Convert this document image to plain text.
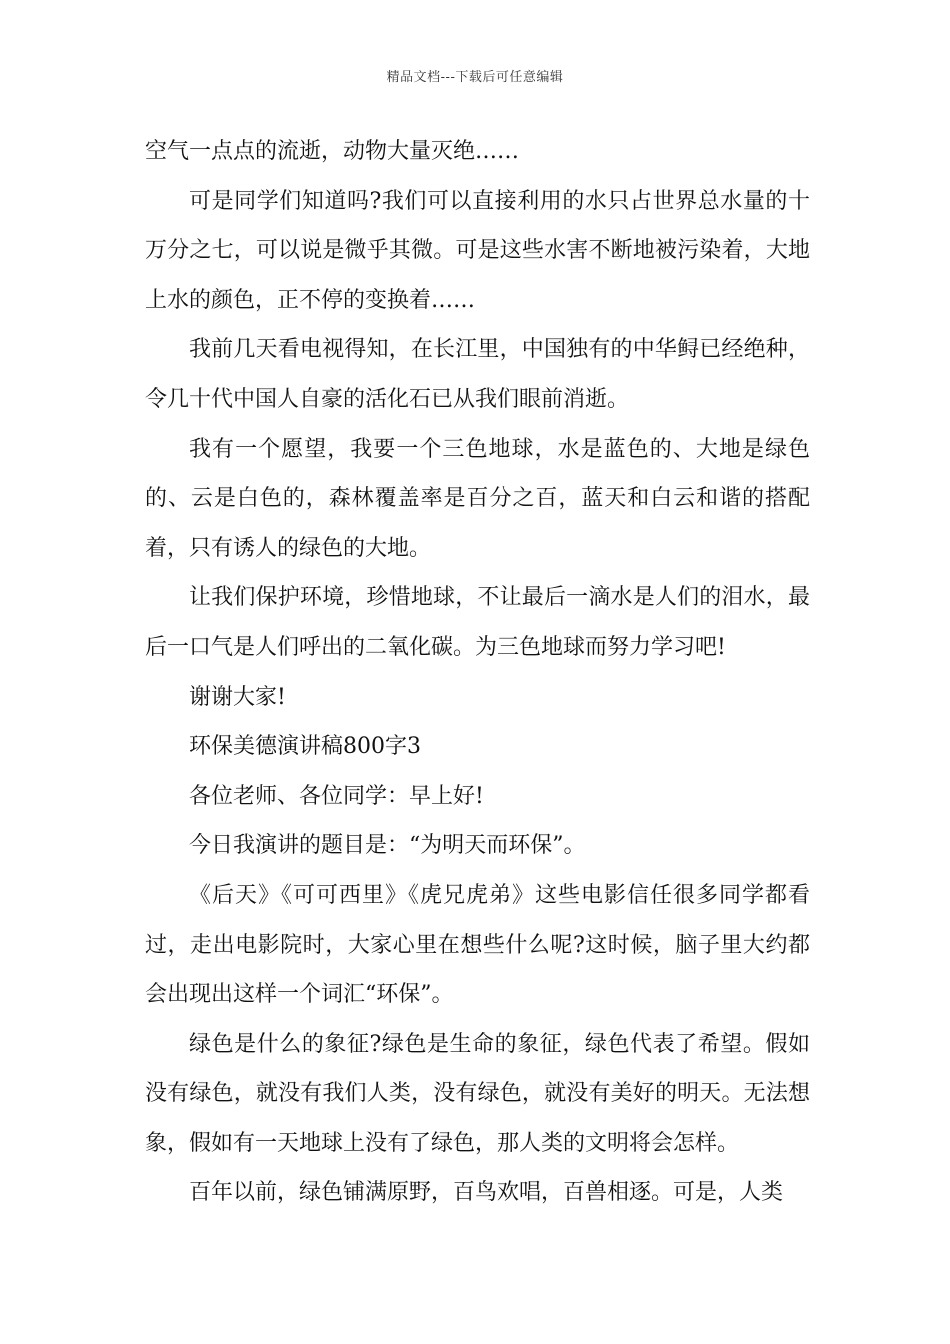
精品文档---下载后可任意编辑

空气一点点的流逝，动物大量灭绝……

可是同学们知道吗?我们可以直接利用的水只占世界总水量的十万分之七，可以说是微乎其微。可是这些水害不断地被污染着，大地上水的颜色，正不停的变换着……

我前几天看电视得知，在长江里，中国独有的中华鲟已经绝种，令几十代中国人自豪的活化石已从我们眼前消逝。

我有一个愿望，我要一个三色地球，水是蓝色的、大地是绿色的、云是白色的，森林覆盖率是百分之百，蓝天和白云和谐的搭配着，只有诱人的绿色的大地。

让我们保护环境，珍惜地球，不让最后一滴水是人们的泪水，最后一口气是人们呼出的二氧化碳。为三色地球而努力学习吧!

谢谢大家!

环保美德演讲稿800字3

各位老师、各位同学：早上好!

今日我演讲的题目是：“为明天而环保”。

《后天》《可可西里》《虎兄虎弟》这些电影信任很多同学都看过，走出电影院时，大家心里在想些什么呢?这时候，脑子里大约都会出现出这样一个词汇“环保”。

绿色是什么的象征?绿色是生命的象征，绿色代表了希望。假如没有绿色，就没有我们人类，没有绿色，就没有美好的明天。无法想象，假如有一天地球上没有了绿色，那人类的文明将会怎样。

百年以前，绿色铺满原野，百鸟欢唱，百兽相逐。可是，人类
